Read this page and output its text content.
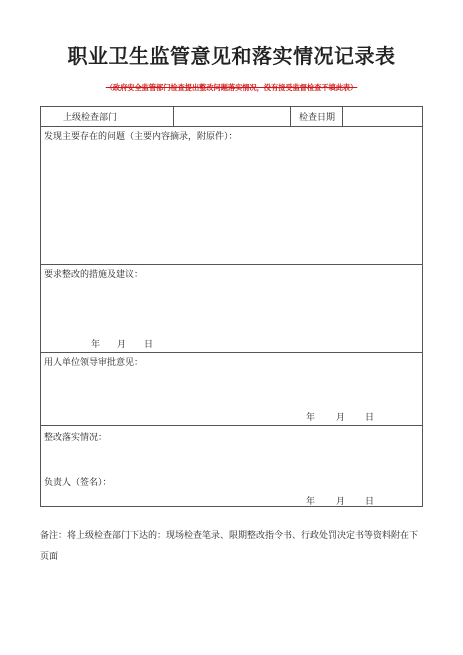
职业卫生监管意见和落实情况记录表
（政府安全监管部门检查提出整改问题落实情况，没有接受监督检查不填此表）
上级检查部门	检查日期
发现主要存在的问题（主要内容摘录，附原件）：
要求整改的措施及建议：
年 月 日
用人单位领导审批意见：
年 月 日
整改落实情况：
负责人（签名）：
年 月 日
备注：将上级检查部门下达的：现场检查笔录、限期整改指令书、行政处罚决定书等资料附在下页面
